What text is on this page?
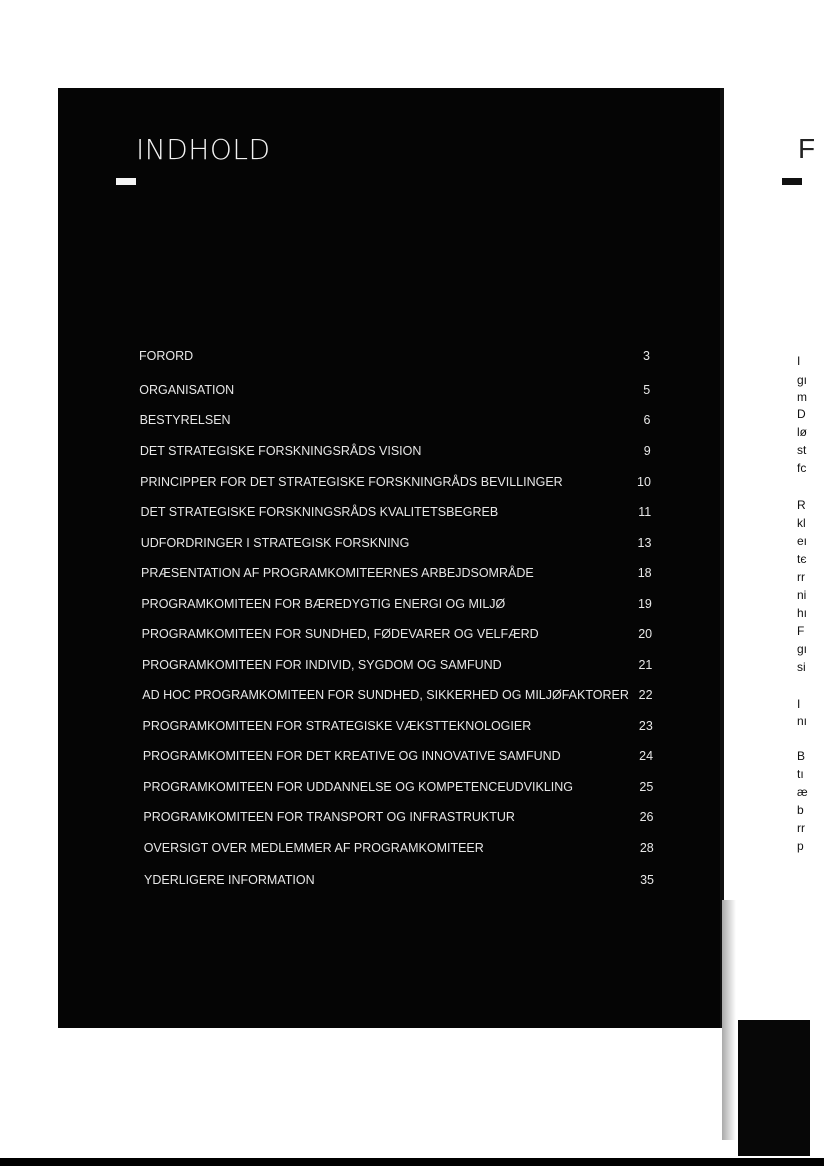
INDHOLD
FORORD	3
ORGANISATION	5
BESTYRELSEN	6
DET STRATEGISKE FORSKNINGSRÅDS VISION	9
PRINCIPPER FOR DET STRATEGISKE FORSKNINGRÅDS BEVILLINGER	10
DET STRATEGISKE FORSKNINGSRÅDS KVALITETSBEGREB	11
UDFORDRINGER I STRATEGISK FORSKNING	13
PRÆSENTATION AF PROGRAMKOMITEERNES ARBEJDSOMRÅDE	18
PROGRAMKOMITEEN FOR BÆREDYGTIG ENERGI OG MILJØ	19
PROGRAMKOMITEEN FOR SUNDHED, FØDEVARER OG VELFÆRD	20
PROGRAMKOMITEEN FOR INDIVID, SYGDOM OG SAMFUND	21
AD HOC PROGRAMKOMITEEN FOR SUNDHED, SIKKERHED OG MILJØFAKTORER 22
PROGRAMKOMITEEN FOR STRATEGISKE VÆKSTTEKNOLOGIER	23
PROGRAMKOMITEEN FOR DET KREATIVE OG INNOVATIVE SAMFUND	24
PROGRAMKOMITEEN FOR UDDANNELSE OG KOMPETENCEUDVIKLING	25
PROGRAMKOMITEEN FOR TRANSPORT OG INFRASTRUKTUR	26
OVERSIGT OVER MEDLEMMER AF PROGRAMKOMITEER	28
YDERLIGERE INFORMATION	35
F
I
gı
m
D
lø
st
fc
R
kl
eı
tє
rr
ni
hı
F
gı
si
I
nı
B
tı
æ
b
rr
p
